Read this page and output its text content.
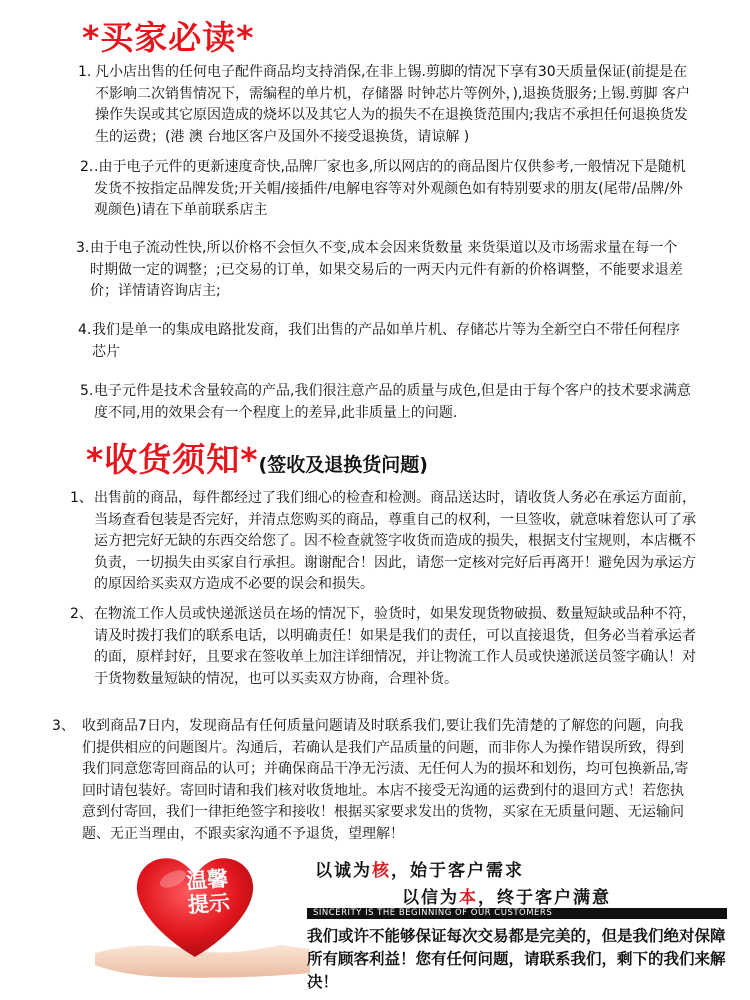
*买家必读*
1. 凡小店出售的任何电子配件商品均支持消保,在非上锡.剪脚的情况下享有30天质量保证(前提是在不影响二次销售情况下，需编程的单片机，存储器 时钟芯片等例外，),退换货服务;上锡.剪脚 客户操作失误或其它原因造成的烧坏以及其它人为的损失不在退换货范围内;我店不承担任何退换货发生的运费；(港 澳 台地区客户及国外不接受退换货，请谅解 )
2. .由于电子元件的更新速度奇快,品牌厂家也多,所以网店的的商品图片仅供参考,一般情况下是随机发货不按指定品牌发货;开关帽/接插件/电解电容等对外观颜色如有特别要求的朋友(尾带/品牌/外观颜色)请在下单前联系店主
3. 由于电子流动性快,所以价格不会恒久不变,成本会因来货数量 来货渠道以及市场需求量在每一个时期做一定的调整；;已交易的订单，如果交易后的一两天内元件有新的价格调整，不能要求退差价；详情请咨询店主;
4. 我们是单一的集成电路批发商，我们出售的产品如单片机、存储芯片等为全新空白不带任何程序芯片
5. 电子元件是技术含量较高的产品,我们很注意产品的质量与成色,但是由于每个客户的技术要求满意度不同,用的效果会有一个程度上的差异,此非质量上的问题.
*收货须知*(签收及退换货问题)
1、 出售前的商品，每件都经过了我们细心的检查和检测。商品送达时，请收货人务必在承运方面前，当场查看包装是否完好，并清点您购买的商品，尊重自己的权利，一旦签收，就意味着您认可了承运方把完好无缺的东西交给您了。因不检查就签字收货而造成的损失，根据支付宝规则，本店概不负责，一切损失由买家自行承担。谢谢配合！因此，请您一定核对完好后再离开！避免因为承运方的原因给买卖双方造成不必要的误会和损失。
2、 在物流工作人员或快递派送员在场的情况下，验货时，如果发现货物破损、数量短缺或品种不符，请及时拨打我们的联系电话，以明确责任！如果是我们的责任，可以直接退货，但务必当着承运者的面，原样封好，且要求在签收单上加注详细情况，并让物流工作人员或快递派送员签字确认！对于货物数量短缺的情况，也可以买卖双方协商，合理补货。
3、 收到商品7日内，发现商品有任何质量问题请及时联系我们,要让我们先清楚的了解您的问题，向我们提供相应的问题图片。沟通后，若确认是我们产品质量的问题，而非你人为操作错误所致，得到我们同意您寄回商品的认可；并确保商品干净无污渍、无任何人为的损坏和划伤，均可包换新品,寄回时请包装好。寄回时请和我们核对收货地址。本店不接受无沟通的运费到付的退回方式！若您执意到付寄回，我们一律拒绝签字和接收！根据买家要求发出的货物，买家在无质量问题、无运输问题、无正当理由，不跟卖家沟通不予退货，望理解！
温馨
提示
以诚为核，始于客户需求
以信为本，终于客户满意
SINCERITY IS THE BEGINNING OF OUR CUSTOMERS
我们或许不能够保证每次交易都是完美的，但是我们绝对保障所有顾客利益！您有任何问题，请联系我们，剩下的我们来解决！
